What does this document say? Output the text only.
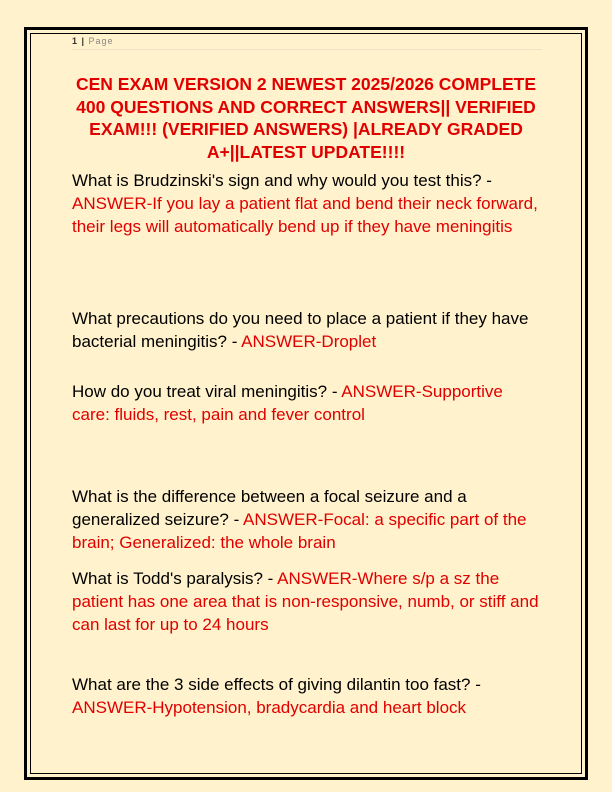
1 | Page
CEN EXAM VERSION 2 NEWEST 2025/2026 COMPLETE 400 QUESTIONS AND CORRECT ANSWERS|| VERIFIED EXAM!!! (VERIFIED ANSWERS) |ALREADY GRADED A+||LATEST UPDATE!!!!
What is Brudzinski's sign and why would you test this? - ANSWER-If you lay a patient flat and bend their neck forward, their legs will automatically bend up if they have meningitis
What precautions do you need to place a patient if they have bacterial meningitis? - ANSWER-Droplet
How do you treat viral meningitis? - ANSWER-Supportive care: fluids, rest, pain and fever control
What is the difference between a focal seizure and a generalized seizure? - ANSWER-Focal: a specific part of the brain; Generalized: the whole brain
What is Todd's paralysis? - ANSWER-Where s/p a sz the patient has one area that is non-responsive, numb, or stiff and can last for up to 24 hours
What are the 3 side effects of giving dilantin too fast? - ANSWER-Hypotension, bradycardia and heart block
